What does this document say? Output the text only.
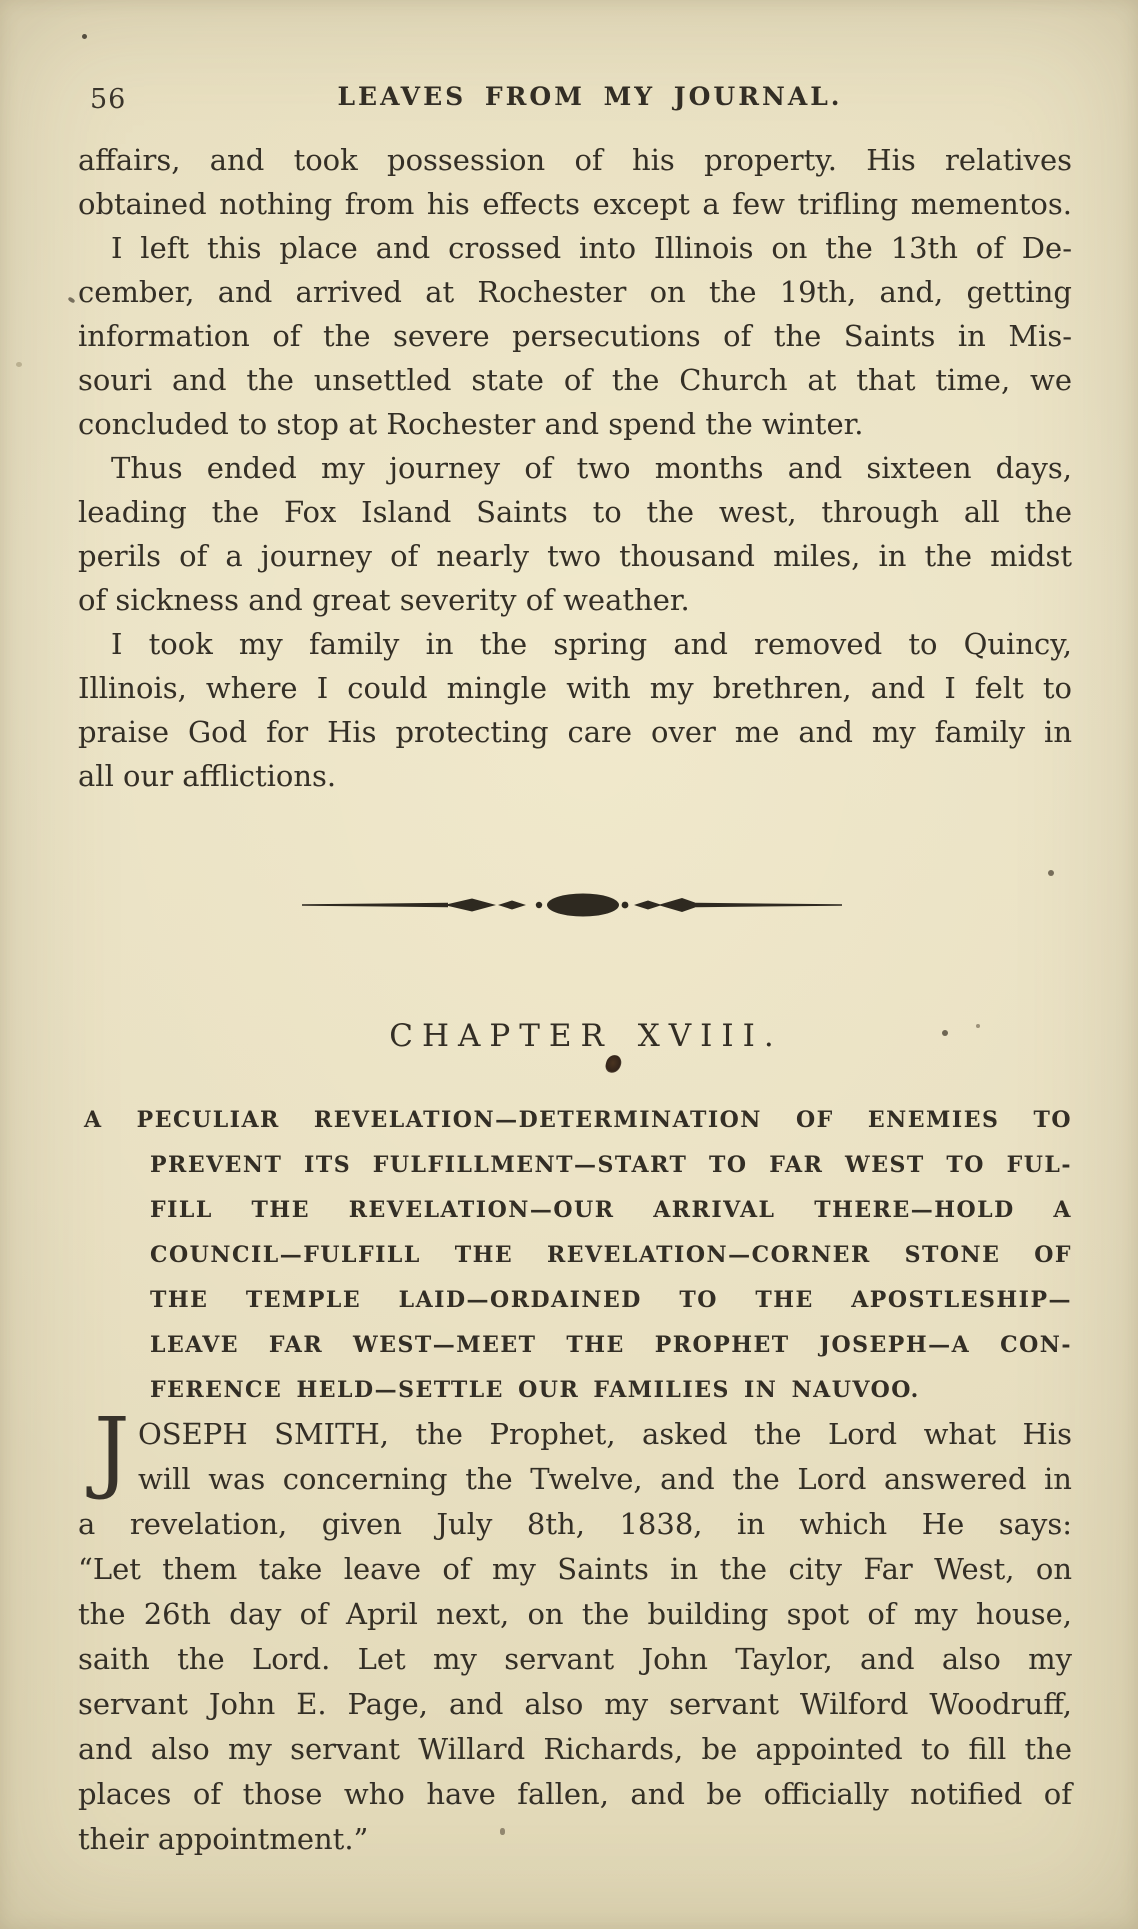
56	LEAVES FROM MY JOURNAL.
affairs, and took possession of his property. His relatives
obtained nothing from his effects except a few trifling mementos.
I left this place and crossed into Illinois on the 13th of De-
cember, and arrived at Rochester on the 19th, and, getting
information of the severe persecutions of the Saints in Mis-
souri and the unsettled state of the Church at that time, we
concluded to stop at Rochester and spend the winter.
Thus ended my journey of two months and sixteen days,
leading the Fox Island Saints to the west, through all the
perils of a journey of nearly two thousand miles, in the midst
of sickness and great severity of weather.
I took my family in the spring and removed to Quincy,
Illinois, where I could mingle with my brethren, and I felt to
praise God for His protecting care over me and my family in
all our afflictions.
CHAPTER XVIII.
A PECULIAR REVELATION—DETERMINATION OF ENEMIES TO
PREVENT ITS FULFILLMENT—START TO FAR WEST TO FUL-
FILL THE REVELATION—OUR ARRIVAL THERE—HOLD A
COUNCIL—FULFILL THE REVELATION—CORNER STONE OF
THE TEMPLE LAID—ORDAINED TO THE APOSTLESHIP—
LEAVE FAR WEST—MEET THE PROPHET JOSEPH—A CON-
FERENCE HELD—SETTLE OUR FAMILIES IN NAUVOO.
J OSEPH SMITH, the Prophet, asked the Lord what His
will was concerning the Twelve, and the Lord answered in
a revelation, given July 8th, 1838, in which He says:
“Let them take leave of my Saints in the city Far West, on
the 26th day of April next, on the building spot of my house,
saith the Lord. Let my servant John Taylor, and also my
servant John E. Page, and also my servant Wilford Woodruff,
and also my servant Willard Richards, be appointed to fill the
places of those who have fallen, and be officially notified of
their appointment.”
